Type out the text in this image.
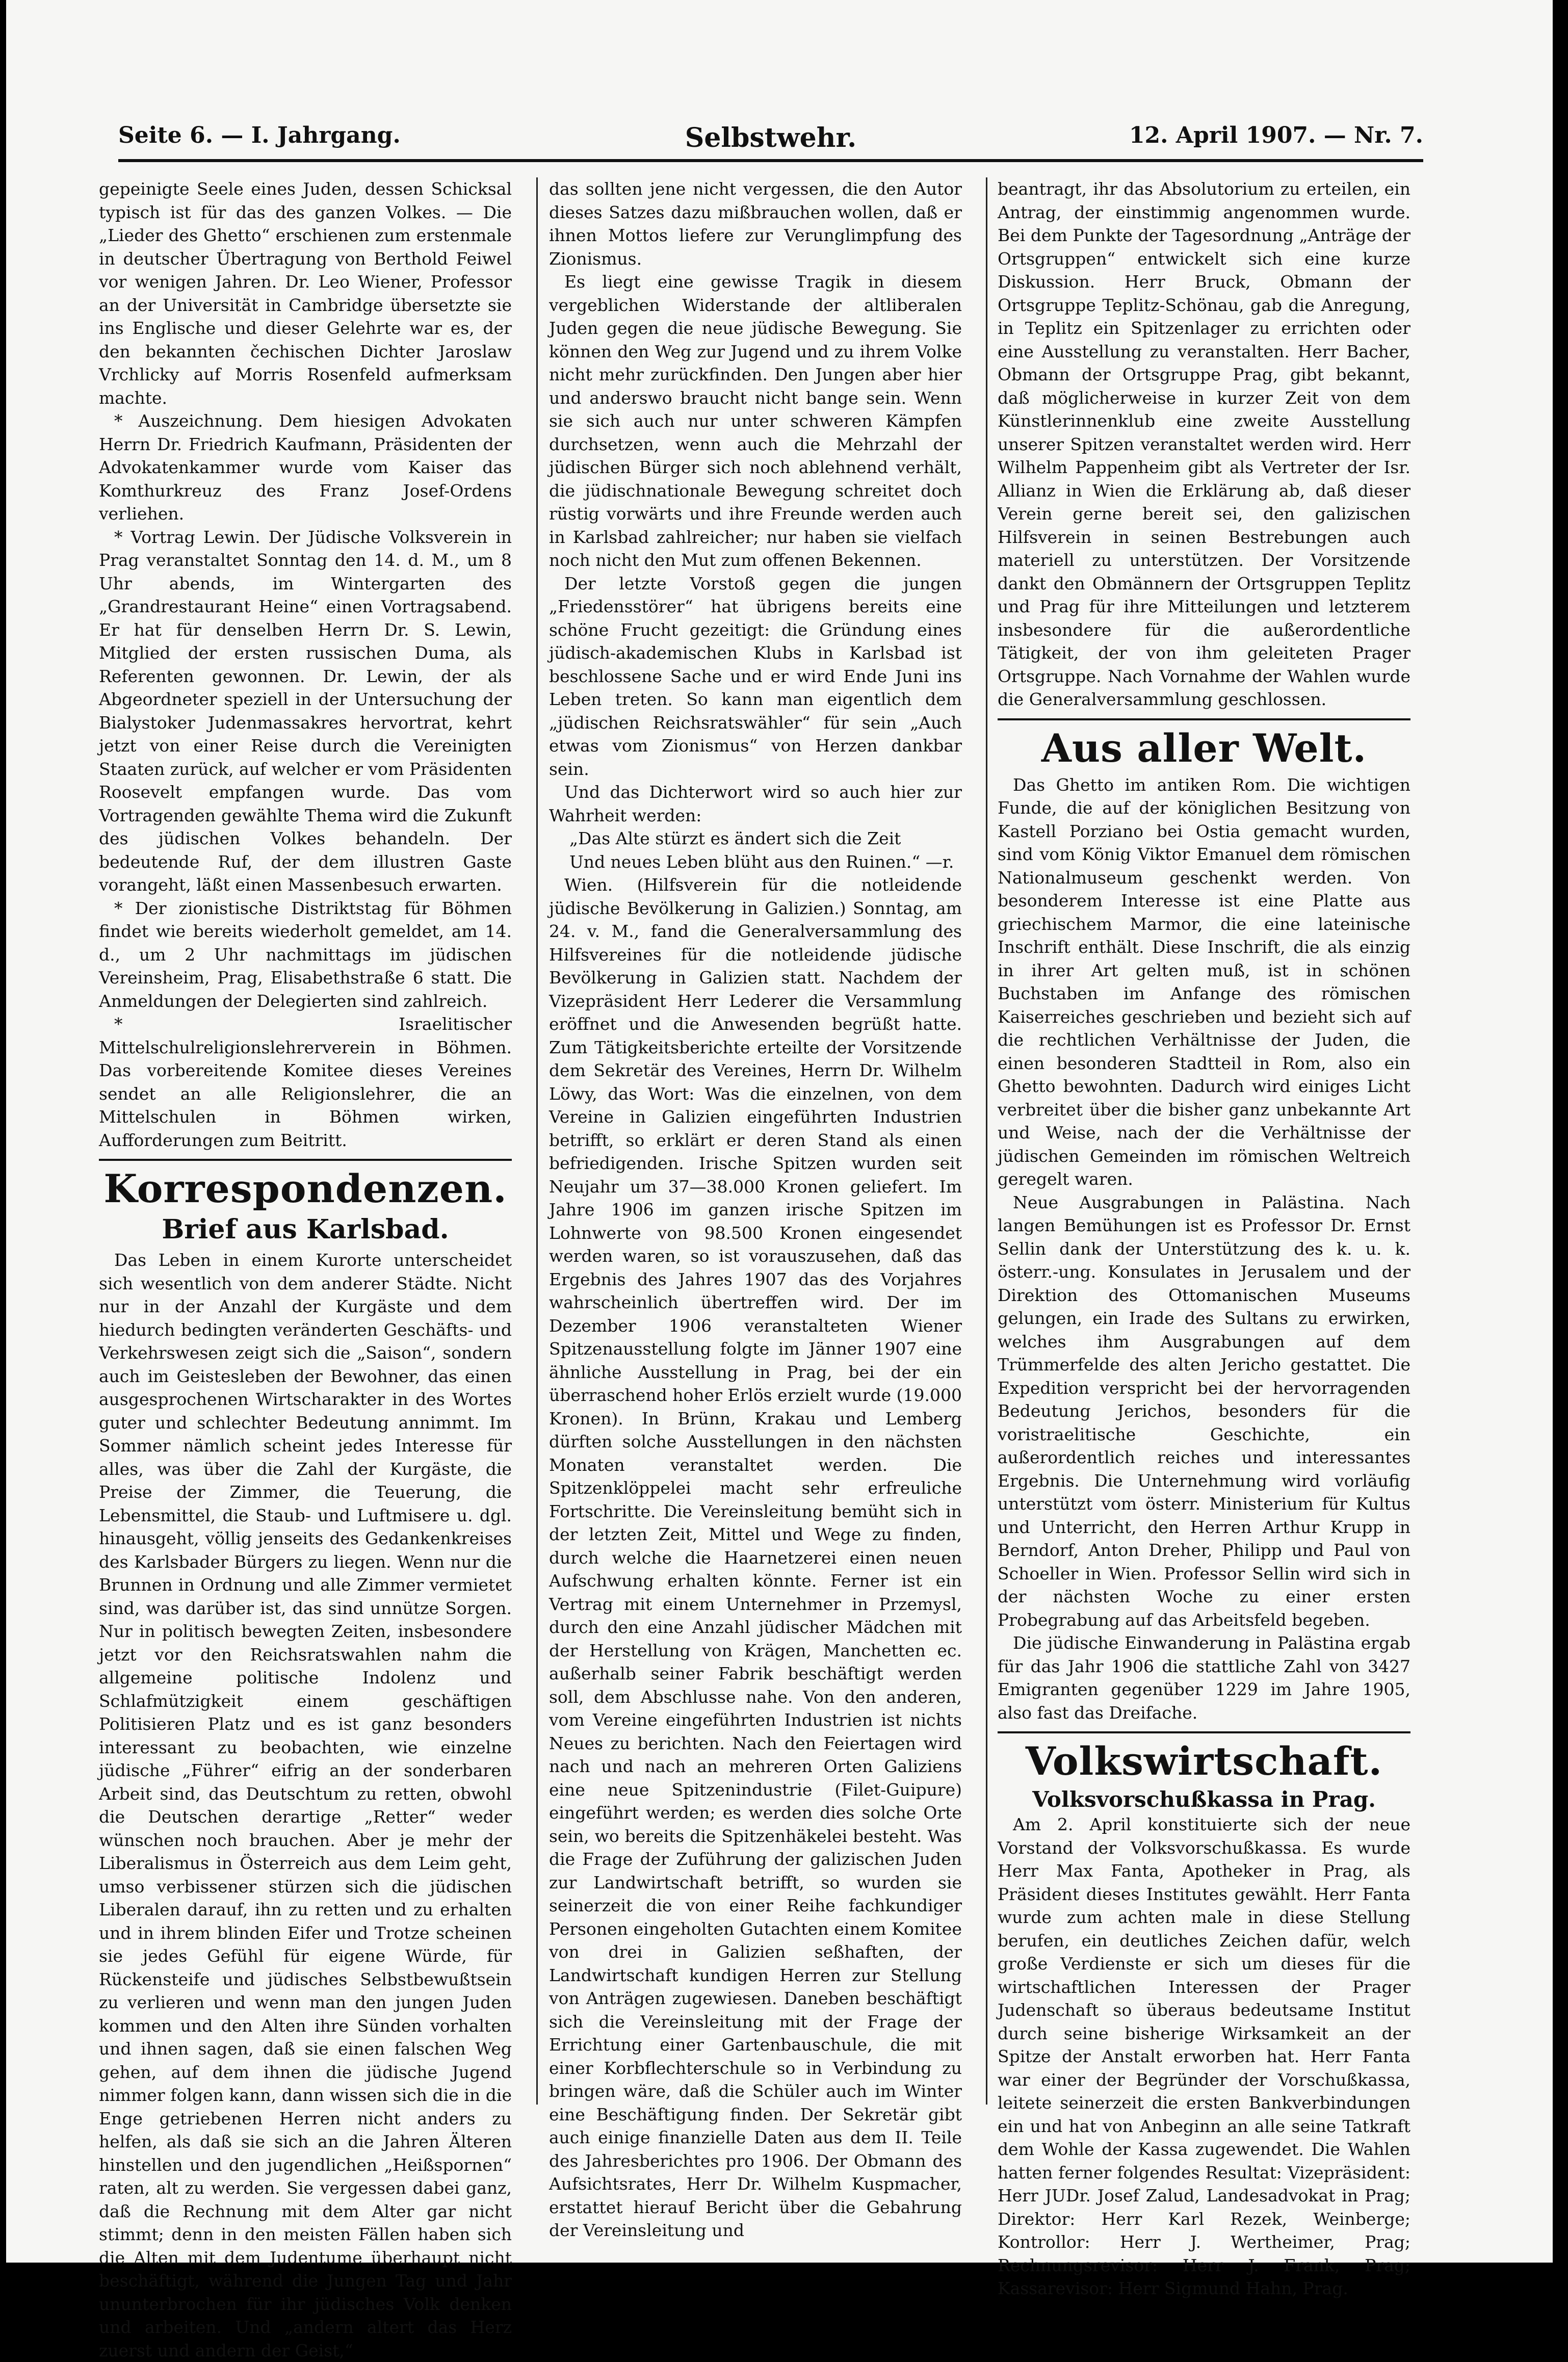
Seite 6. — I. Jahrgang.	Selbstwehr.	12. April 1907. — Nr. 7.

gepeinigte Seele eines Juden, dessen Schicksal typisch ist für das des ganzen Volkes. — Die „Lieder des Ghetto“ erschienen zum erstenmale in deutscher Übertragung von Berthold Feiwel vor wenigen Jahren. Dr. Leo Wiener, Professor an der Universität in Cambridge übersetzte sie ins Englische und dieser Gelehrte war es, der den bekannten čechischen Dichter Jaroslaw Vrchlicky auf Morris Rosenfeld aufmerksam machte.

* Auszeichnung. Dem hiesigen Advokaten Herrn Dr. Friedrich Kaufmann, Präsidenten der Advokatenkammer wurde vom Kaiser das Komthurkreuz des Franz Josef-Ordens verliehen.

* Vortrag Lewin. Der Jüdische Volksverein in Prag veranstaltet Sonntag den 14. d. M., um 8 Uhr abends, im Wintergarten des „Grandrestaurant Heine“ einen Vortragsabend. Er hat für denselben Herrn Dr. S. Lewin, Mitglied der ersten russischen Duma, als Referenten gewonnen. Dr. Lewin, der als Abgeordneter speziell in der Untersuchung der Bialystoker Judenmassakres hervortrat, kehrt jetzt von einer Reise durch die Vereinigten Staaten zurück, auf welcher er vom Präsidenten Roosevelt empfangen wurde. Das vom Vortragenden gewählte Thema wird die Zukunft des jüdischen Volkes behandeln. Der bedeutende Ruf, der dem illustren Gaste vorangeht, läßt einen Massenbesuch erwarten.

* Der zionistische Distriktstag für Böhmen findet wie bereits wiederholt gemeldet, am 14. d., um 2 Uhr nachmittags im jüdischen Vereinsheim, Prag, Elisabethstraße 6 statt. Die Anmeldungen der Delegierten sind zahlreich.

* Israelitischer Mittelschulreligionslehrerverein in Böhmen. Das vorbereitende Komitee dieses Vereines sendet an alle Religionslehrer, die an Mittelschulen in Böhmen wirken, Aufforderungen zum Beitritt.

Korrespondenzen.
Brief aus Karlsbad.

Das Leben in einem Kurorte unterscheidet sich wesentlich von dem anderer Städte. Nicht nur in der Anzahl der Kurgäste und dem hiedurch bedingten veränderten Geschäfts- und Verkehrswesen zeigt sich die „Saison“, sondern auch im Geistesleben der Bewohner, das einen ausgesprochenen Wirtscharakter in des Wortes guter und schlechter Bedeutung annimmt. Im Sommer nämlich scheint jedes Interesse für alles, was über die Zahl der Kurgäste, die Preise der Zimmer, die Teuerung, die Lebensmittel, die Staub- und Luftmisere u. dgl. hinausgeht, völlig jenseits des Gedankenkreises des Karlsbader Bürgers zu liegen. Wenn nur die Brunnen in Ordnung und alle Zimmer vermietet sind, was darüber ist, das sind unnütze Sorgen. Nur in politisch bewegten Zeiten, insbesondere jetzt vor den Reichsratswahlen nahm die allgemeine politische Indolenz und Schlafmützigkeit einem geschäftigen Politisieren Platz und es ist ganz besonders interessant zu beobachten, wie einzelne jüdische „Führer“ eifrig an der sonderbaren Arbeit sind, das Deutschtum zu retten, obwohl die Deutschen derartige „Retter“ weder wünschen noch brauchen. Aber je mehr der Liberalismus in Österreich aus dem Leim geht, umso verbissener stürzen sich die jüdischen Liberalen darauf, ihn zu retten und zu erhalten und in ihrem blinden Eifer und Trotze scheinen sie jedes Gefühl für eigene Würde, für Rückensteife und jüdisches Selbstbewußtsein zu verlieren und wenn man den jungen Juden kommen und den Alten ihre Sünden vorhalten und ihnen sagen, daß sie einen falschen Weg gehen, auf dem ihnen die jüdische Jugend nimmer folgen kann, dann wissen sich die in die Enge getriebenen Herren nicht anders zu helfen, als daß sie sich an die Jahren Älteren hinstellen und den jugendlichen „Heißspornen“ raten, alt zu werden. Sie vergessen dabei ganz, daß die Rechnung mit dem Alter gar nicht stimmt; denn in den meisten Fällen haben sich die Alten mit dem Judentume überhaupt nicht beschäftigt, während die Jungen Tag und Jahr ununterbrochen für ihr jüdisches Volk denken und arbeiten. Und „andern altert das Herz zuerst und andern der Geist,“

das sollten jene nicht vergessen, die den Autor dieses Satzes dazu mißbrauchen wollen, daß er ihnen Mottos liefere zur Verunglimpfung des Zionismus.

Es liegt eine gewisse Tragik in diesem vergeblichen Widerstande der altliberalen Juden gegen die neue jüdische Bewegung. Sie können den Weg zur Jugend und zu ihrem Volke nicht mehr zurückfinden. Den Jungen aber hier und anderswo braucht nicht bange sein. Wenn sie sich auch nur unter schweren Kämpfen durchsetzen, wenn auch die Mehrzahl der jüdischen Bürger sich noch ablehnend verhält, die jüdischnationale Bewegung schreitet doch rüstig vorwärts und ihre Freunde werden auch in Karlsbad zahlreicher; nur haben sie vielfach noch nicht den Mut zum offenen Bekennen.

Der letzte Vorstoß gegen die jungen „Friedensstörer“ hat übrigens bereits eine schöne Frucht gezeitigt: die Gründung eines jüdisch-akademischen Klubs in Karlsbad ist beschlossene Sache und er wird Ende Juni ins Leben treten. So kann man eigentlich dem „jüdischen Reichsratswähler“ für sein „Auch etwas vom Zionismus“ von Herzen dankbar sein.

Und das Dichterwort wird so auch hier zur Wahrheit werden:

„Das Alte stürzt es ändert sich die Zeit

Und neues Leben blüht aus den Ruinen.“ —r.

Wien. (Hilfsverein für die notleidende jüdische Bevölkerung in Galizien.) Sonntag, am 24. v. M., fand die Generalversammlung des Hilfsvereines für die notleidende jüdische Bevölkerung in Galizien statt. Nachdem der Vizepräsident Herr Lederer die Versammlung eröffnet und die Anwesenden begrüßt hatte. Zum Tätigkeitsberichte erteilte der Vorsitzende dem Sekretär des Vereines, Herrn Dr. Wilhelm Löwy, das Wort: Was die einzelnen, von dem Vereine in Galizien eingeführten Industrien betrifft, so erklärt er deren Stand als einen befriedigenden. Irische Spitzen wurden seit Neujahr um 37—38.000 Kronen geliefert. Im Jahre 1906 im ganzen irische Spitzen im Lohnwerte von 98.500 Kronen eingesendet werden waren, so ist vorauszusehen, daß das Ergebnis des Jahres 1907 das des Vorjahres wahrscheinlich übertreffen wird. Der im Dezember 1906 veranstalteten Wiener Spitzenausstellung folgte im Jänner 1907 eine ähnliche Ausstellung in Prag, bei der ein überraschend hoher Erlös erzielt wurde (19.000 Kronen). In Brünn, Krakau und Lemberg dürften solche Ausstellungen in den nächsten Monaten veranstaltet werden. Die Spitzenklöppelei macht sehr erfreuliche Fortschritte. Die Vereinsleitung bemüht sich in der letzten Zeit, Mittel und Wege zu finden, durch welche die Haarnetzerei einen neuen Aufschwung erhalten könnte. Ferner ist ein Vertrag mit einem Unternehmer in Przemysl, durch den eine Anzahl jüdischer Mädchen mit der Herstellung von Krägen, Manchetten ec. außerhalb seiner Fabrik beschäftigt werden soll, dem Abschlusse nahe. Von den anderen, vom Vereine eingeführten Industrien ist nichts Neues zu berichten. Nach den Feiertagen wird nach und nach an mehreren Orten Galiziens eine neue Spitzenindustrie (Filet-Guipure) eingeführt werden; es werden dies solche Orte sein, wo bereits die Spitzenhäkelei besteht. Was die Frage der Zuführung der galizischen Juden zur Landwirtschaft betrifft, so wurden sie seinerzeit die von einer Reihe fachkundiger Personen eingeholten Gutachten einem Komitee von drei in Galizien seßhaften, der Landwirtschaft kundigen Herren zur Stellung von Anträgen zugewiesen. Daneben beschäftigt sich die Vereinsleitung mit der Frage der Errichtung einer Gartenbauschule, die mit einer Korbflechterschule so in Verbindung zu bringen wäre, daß die Schüler auch im Winter eine Beschäftigung finden. Der Sekretär gibt auch einige finanzielle Daten aus dem II. Teile des Jahresberichtes pro 1906. Der Obmann des Aufsichtsrates, Herr Dr. Wilhelm Kuspmacher, erstattet hierauf Bericht über die Gebahrung der Vereinsleitung und

beantragt, ihr das Absolutorium zu erteilen, ein Antrag, der einstimmig angenommen wurde. Bei dem Punkte der Tagesordnung „Anträge der Ortsgruppen“ entwickelt sich eine kurze Diskussion. Herr Bruck, Obmann der Ortsgruppe Teplitz-Schönau, gab die Anregung, in Teplitz ein Spitzenlager zu errichten oder eine Ausstellung zu veranstalten. Herr Bacher, Obmann der Ortsgruppe Prag, gibt bekannt, daß möglicherweise in kurzer Zeit von dem Künstlerinnenklub eine zweite Ausstellung unserer Spitzen veranstaltet werden wird. Herr Wilhelm Pappenheim gibt als Vertreter der Isr. Allianz in Wien die Erklärung ab, daß dieser Verein gerne bereit sei, den galizischen Hilfsverein in seinen Bestrebungen auch materiell zu unterstützen. Der Vorsitzende dankt den Obmännern der Ortsgruppen Teplitz und Prag für ihre Mitteilungen und letzterem insbesondere für die außerordentliche Tätigkeit, der von ihm geleiteten Prager Ortsgruppe. Nach Vornahme der Wahlen wurde die Generalversammlung geschlossen.

Aus aller Welt.

Das Ghetto im antiken Rom. Die wichtigen Funde, die auf der königlichen Besitzung von Kastell Porziano bei Ostia gemacht wurden, sind vom König Viktor Emanuel dem römischen Nationalmuseum geschenkt werden. Von besonderem Interesse ist eine Platte aus griechischem Marmor, die eine lateinische Inschrift enthält. Diese Inschrift, die als einzig in ihrer Art gelten muß, ist in schönen Buchstaben im Anfange des römischen Kaiserreiches geschrieben und bezieht sich auf die rechtlichen Verhältnisse der Juden, die einen besonderen Stadtteil in Rom, also ein Ghetto bewohnten. Dadurch wird einiges Licht verbreitet über die bisher ganz unbekannte Art und Weise, nach der die Verhältnisse der jüdischen Gemeinden im römischen Weltreich geregelt waren.

Neue Ausgrabungen in Palästina. Nach langen Bemühungen ist es Professor Dr. Ernst Sellin dank der Unterstützung des k. u. k. österr.-ung. Konsulates in Jerusalem und der Direktion des Ottomanischen Museums gelungen, ein Irade des Sultans zu erwirken, welches ihm Ausgrabungen auf dem Trümmerfelde des alten Jericho gestattet. Die Expedition verspricht bei der hervorragenden Bedeutung Jerichos, besonders für die voristraelitische Geschichte, ein außerordentlich reiches und interessantes Ergebnis. Die Unternehmung wird vorläufig unterstützt vom österr. Ministerium für Kultus und Unterricht, den Herren Arthur Krupp in Berndorf, Anton Dreher, Philipp und Paul von Schoeller in Wien. Professor Sellin wird sich in der nächsten Woche zu einer ersten Probegrabung auf das Arbeitsfeld begeben.

Die jüdische Einwanderung in Palästina ergab für das Jahr 1906 die stattliche Zahl von 3427 Emigranten gegenüber 1229 im Jahre 1905, also fast das Dreifache.

Volkswirtschaft.
Volksvorschußkassa in Prag.

Am 2. April konstituierte sich der neue Vorstand der Volksvorschußkassa. Es wurde Herr Max Fanta, Apotheker in Prag, als Präsident dieses Institutes gewählt. Herr Fanta wurde zum achten male in diese Stellung berufen, ein deutliches Zeichen dafür, welch große Verdienste er sich um dieses für die wirtschaftlichen Interessen der Prager Judenschaft so überaus bedeutsame Institut durch seine bisherige Wirksamkeit an der Spitze der Anstalt erworben hat. Herr Fanta war einer der Begründer der Vorschußkassa, leitete seinerzeit die ersten Bankverbindungen ein und hat von Anbeginn an alle seine Tatkraft dem Wohle der Kassa zugewendet. Die Wahlen hatten ferner folgendes Resultat: Vizepräsident: Herr JUDr. Josef Zalud, Landesadvokat in Prag; Direktor: Herr Karl Rezek, Weinberge; Kontrollor: Herr J. Wertheimer, Prag; Rechnungsrevisor: Herr J. Frank, Prag; Kassarevisor: Herr Sigmund Hahn, Prag.
